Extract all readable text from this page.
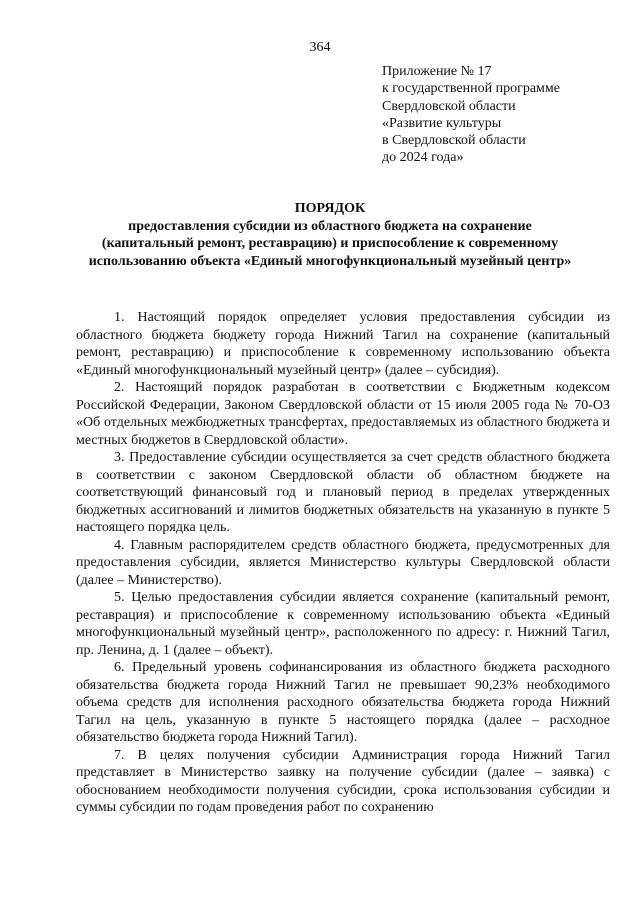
364
Приложение № 17
к государственной программе
Свердловской области
«Развитие культуры
в Свердловской области
до 2024 года»
ПОРЯДОК
предоставления субсидии из областного бюджета на сохранение
(капитальный ремонт, реставрацию) и приспособление к современному
использованию объекта «Единый многофункциональный музейный центр»

1. Настоящий порядок определяет условия предоставления субсидии из областного бюджета бюджету города Нижний Тагил на сохранение (капитальный ремонт, реставрацию) и приспособление к современному использованию объекта «Единый многофункциональный музейный центр» (далее – субсидия).

2. Настоящий порядок разработан в соответствии с Бюджетным кодексом Российской Федерации, Законом Свердловской области от 15 июля 2005 года № 70-ОЗ «Об отдельных межбюджетных трансфертах, предоставляемых из областного бюджета и местных бюджетов в Свердловской области».

3. Предоставление субсидии осуществляется за счет средств областного бюджета в соответствии с законом Свердловской области об областном бюджете на соответствующий финансовый год и плановый период в пределах утвержденных бюджетных ассигнований и лимитов бюджетных обязательств на указанную в пункте 5 настоящего порядка цель.

4. Главным распорядителем средств областного бюджета, предусмотренных для предоставления субсидии, является Министерство культуры Свердловской области (далее – Министерство).

5. Целью предоставления субсидии является сохранение (капитальный ремонт, реставрация) и приспособление к современному использованию объекта «Единый многофункциональный музейный центр», расположенного по адресу: г. Нижний Тагил, пр. Ленина, д. 1 (далее – объект).

6. Предельный уровень софинансирования из областного бюджета расходного обязательства бюджета города Нижний Тагил не превышает 90,23% необходимого объема средств для исполнения расходного обязательства бюджета города Нижний Тагил на цель, указанную в пункте 5 настоящего порядка (далее – расходное обязательство бюджета города Нижний Тагил).

7. В целях получения субсидии Администрация города Нижний Тагил представляет в Министерство заявку на получение субсидии (далее – заявка) с обоснованием необходимости получения субсидии, срока использования субсидии и суммы субсидии по годам проведения работ по сохранению
